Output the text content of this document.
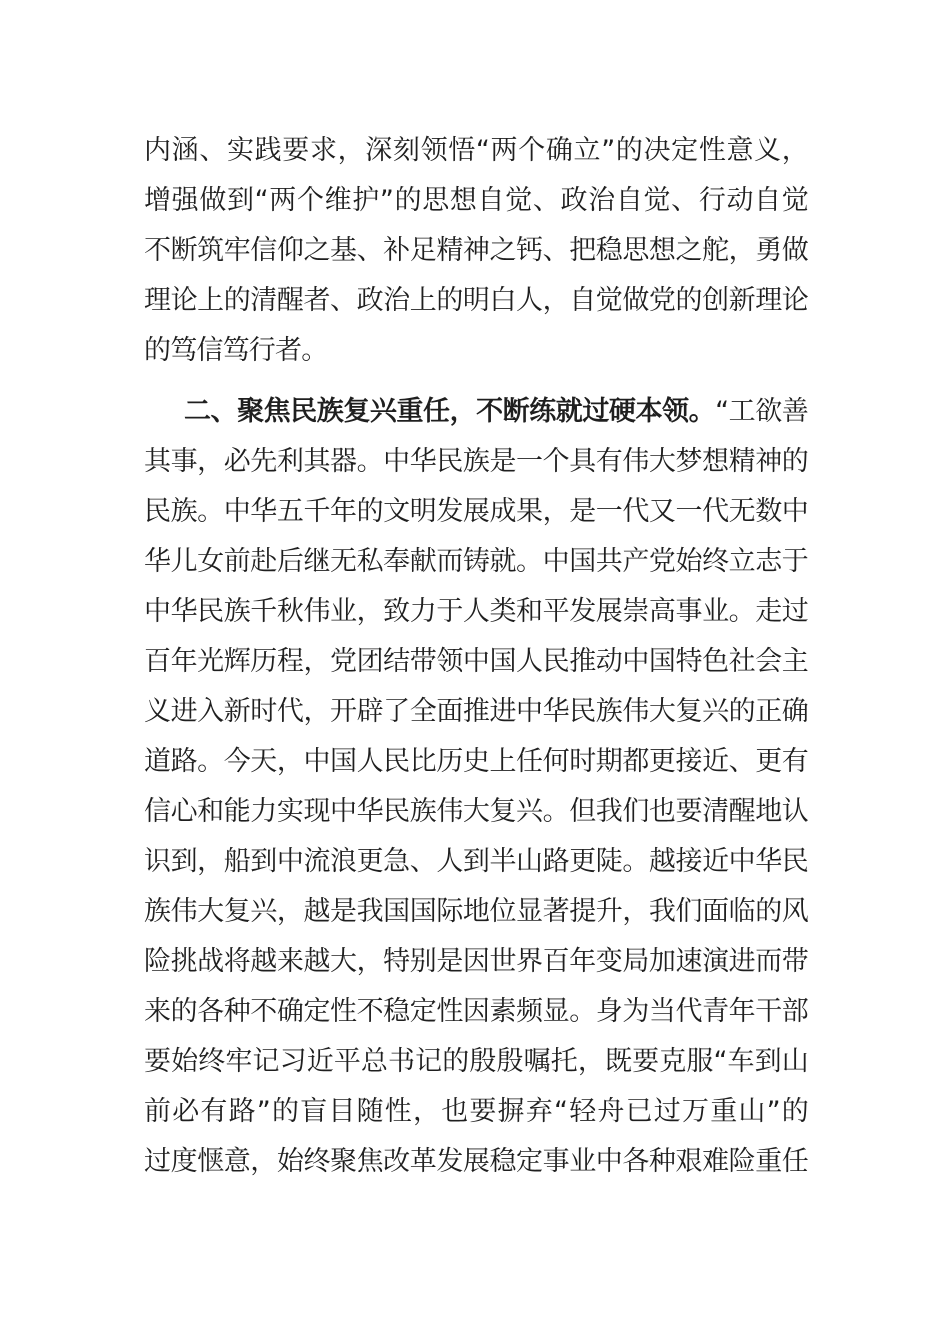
内涵、实践要求，深刻领悟“两个确立”的决定性意义，
增强做到“两个维护”的思想自觉、政治自觉、行动自觉
不断筑牢信仰之基、补足精神之钙、把稳思想之舵，勇做
理论上的清醒者、政治上的明白人，自觉做党的创新理论
的笃信笃行者。
二、聚焦民族复兴重任，不断练就过硬本领。“工欲善
其事，必先利其器。中华民族是一个具有伟大梦想精神的
民族。中华五千年的文明发展成果，是一代又一代无数中
华儿女前赴后继无私奉献而铸就。中国共产党始终立志于
中华民族千秋伟业，致力于人类和平发展崇高事业。走过
百年光辉历程，党团结带领中国人民推动中国特色社会主
义进入新时代，开辟了全面推进中华民族伟大复兴的正确
道路。今天，中国人民比历史上任何时期都更接近、更有
信心和能力实现中华民族伟大复兴。但我们也要清醒地认
识到，船到中流浪更急、人到半山路更陡。越接近中华民
族伟大复兴，越是我国国际地位显著提升，我们面临的风
险挑战将越来越大，特别是因世界百年变局加速演进而带
来的各种不确定性不稳定性因素频显。身为当代青年干部
要始终牢记习近平总书记的殷殷嘱托，既要克服“车到山
前必有路”的盲目随性，也要摒弃“轻舟已过万重山”的
过度惬意，始终聚焦改革发展稳定事业中各种艰难险重任
